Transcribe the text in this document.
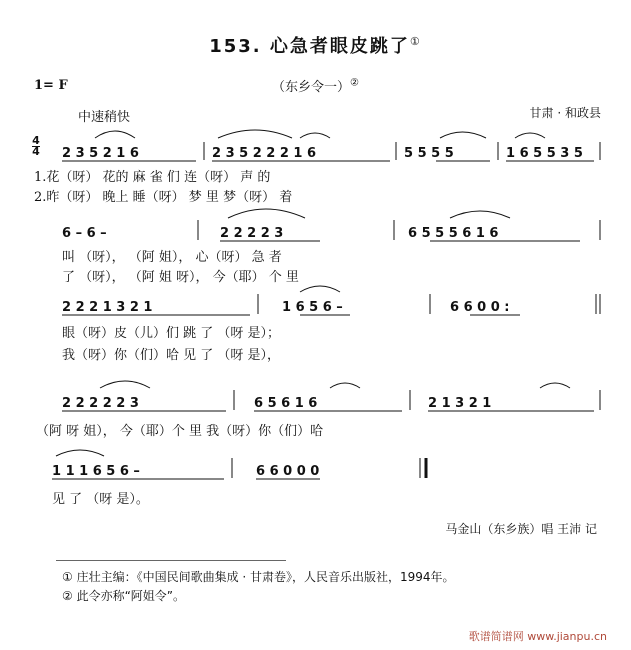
153. 心急者眼皮跳了①
1= F	（东乡令一）②
中速稍快	甘肃 · 和政县
4
4 2 3 5 2 1 6	2 3 5 2 2 2 1 6	5 5 5 5	1 6 5 5 3 5
1.花（呀） 花的 麻 雀 们 连（呀） 声 的
2.昨（呀） 晚上 睡（呀） 梦 里 梦（呀） 着
6 – 6 –	2 2 2 2 3	6 5 5 5 6 1 6
叫 （呀）， （阿 姐）， 心（呀） 急 者
了 （呀）， （阿 姐 呀）， 今（耶） 个 里
2 2 2 1 3 2 1	1 6 5 6 –	6 6 0 0 :
眼（呀）皮（儿）们 跳 了 （呀 是）；
我（呀）你（们）哈 见 了 （呀 是），
2 2 2 2 2 3	6 5 6 1 6	2 1 3 2 1
（阿 呀 姐）， 今（耶）个 里 我（呀）你（们）哈
1 1 1 6 5 6 –	6 6 0 0 0
见 了 （呀 是）。
马金山（东乡族）唱 王沛 记
① 庄壮主编：《中国民间歌曲集成 · 甘肃卷》，人民音乐出版社，1994年。
② 此令亦称“阿姐令”。
歌谱简谱网 www.jianpu.cn
